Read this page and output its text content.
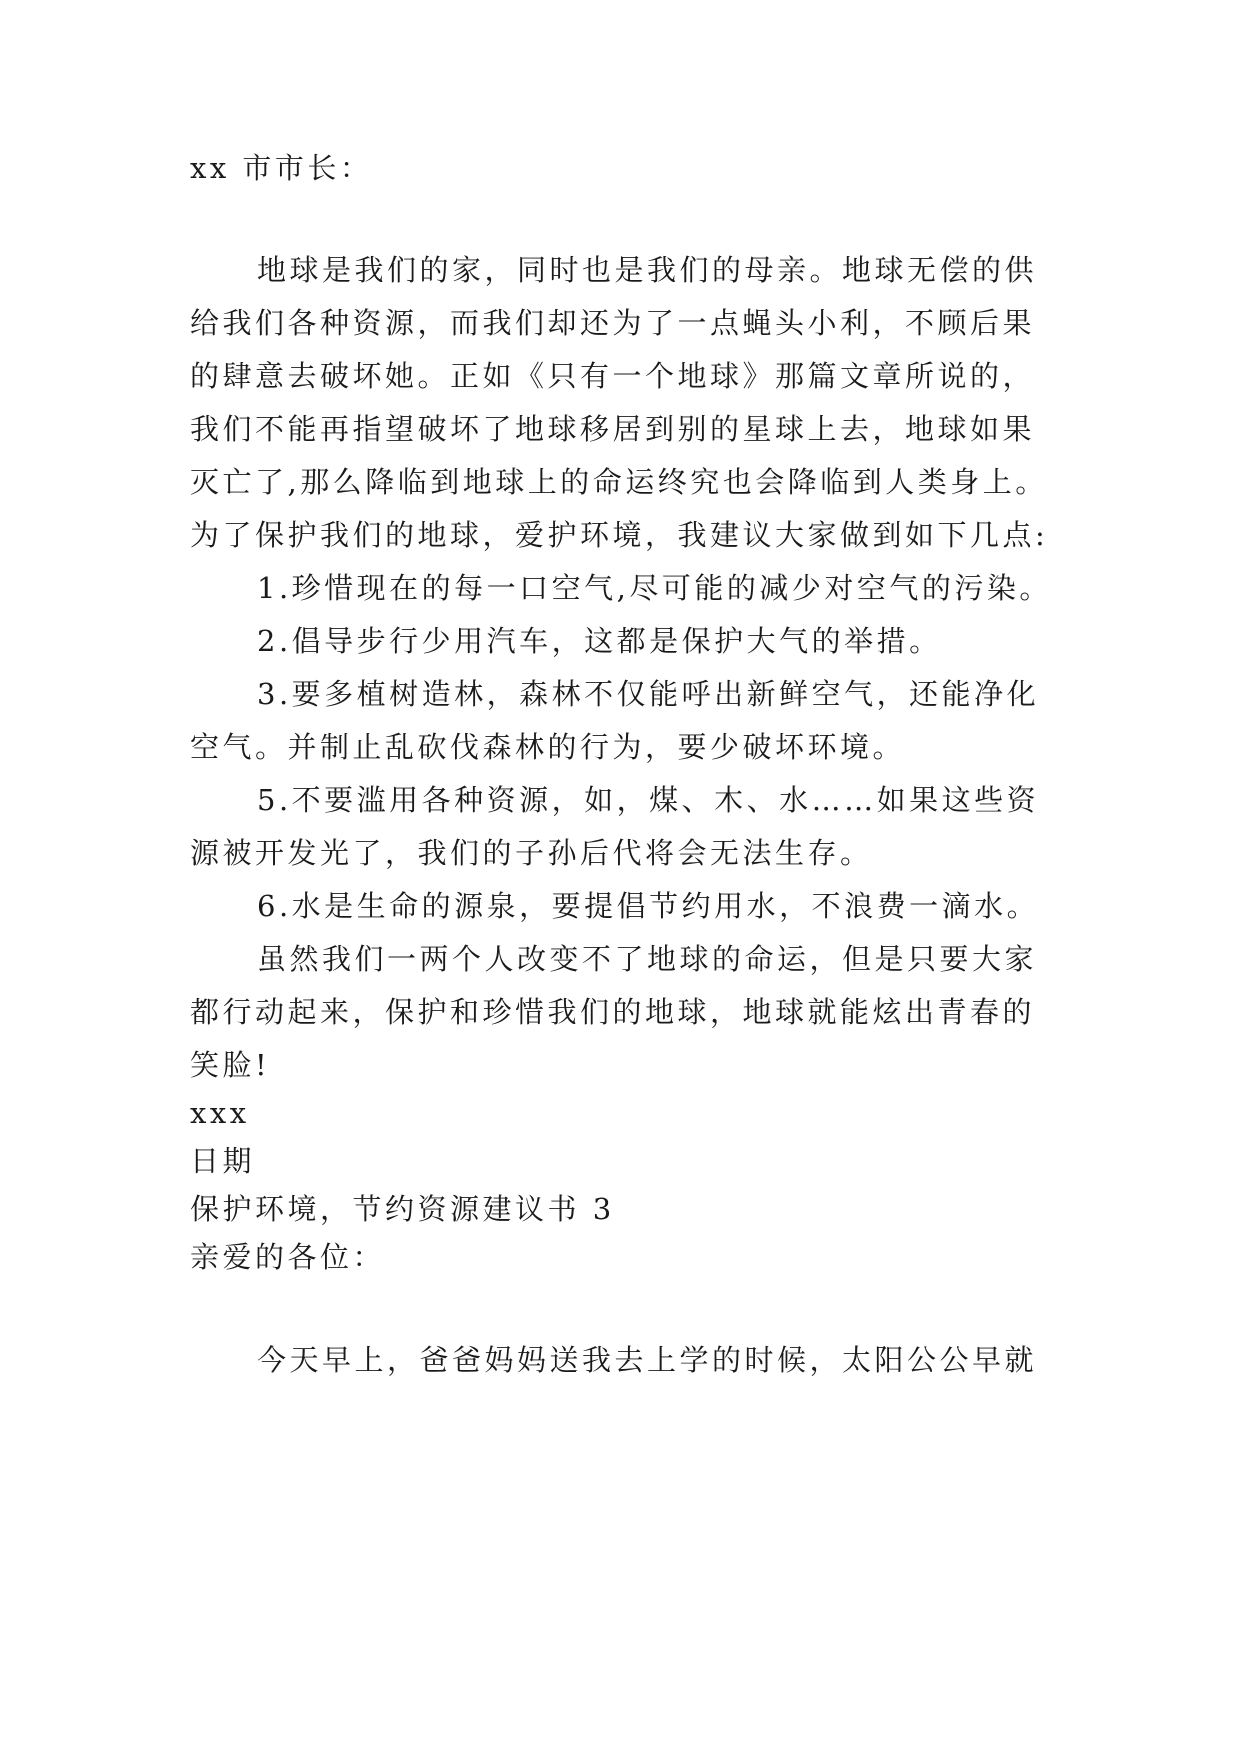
xx 市市长：
地球是我们的家，同时也是我们的母亲。地球无偿的供
给我们各种资源，而我们却还为了一点蝇头小利，不顾后果
的肆意去破坏她。正如《只有一个地球》那篇文章所说的，
我们不能再指望破坏了地球移居到别的星球上去，地球如果
灭亡了,那么降临到地球上的命运终究也会降临到人类身上。
为了保护我们的地球，爱护环境，我建议大家做到如下几点:
1.珍惜现在的每一口空气,尽可能的减少对空气的污染。
2.倡导步行少用汽车，这都是保护大气的举措。
3.要多植树造林，森林不仅能呼出新鲜空气，还能净化
空气。并制止乱砍伐森林的行为，要少破坏环境。
5.不要滥用各种资源，如，煤、木、水……如果这些资
源被开发光了，我们的子孙后代将会无法生存。
6.水是生命的源泉，要提倡节约用水，不浪费一滴水。
虽然我们一两个人改变不了地球的命运，但是只要大家
都行动起来，保护和珍惜我们的地球，地球就能炫出青春的
笑脸!
xxx
日期
保护环境，节约资源建议书 3
亲爱的各位：
今天早上，爸爸妈妈送我去上学的时候，太阳公公早就
